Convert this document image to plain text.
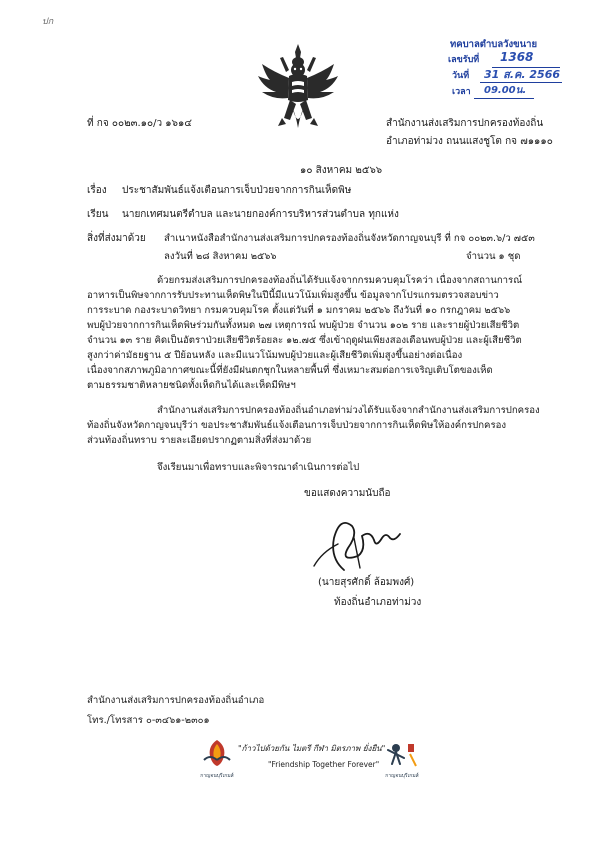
ปก
ทคบาลตำบลวังขนาย
เลขรับที่ 1368
วันที่ 31 ส.ค. 2566
เวลา 09.00น.
ที่ กจ ๐๐๒๓.๑๐/ว ๑๖๑๔	สำนักงานส่งเสริมการปกครองท้องถิ่น
อำเภอท่าม่วง ถนนแสงชูโต กจ ๗๑๑๑๐
๑๐ สิงหาคม ๒๕๖๖
เรื่อง ประชาสัมพันธ์แจ้งเตือนการเจ็บป่วยจากการกินเห็ดพิษ
เรียน นายกเทศมนตรีตำบล และนายกองค์การบริหารส่วนตำบล ทุกแห่ง
สิ่งที่ส่งมาด้วย สำเนาหนังสือสำนักงานส่งเสริมการปกครองท้องถิ่นจังหวัดกาญจนบุรี ที่ กจ ๐๐๒๓.๖/ว ๗๕๓
ลงวันที่ ๒๘ สิงหาคม ๒๕๖๖	จำนวน ๑ ชุด
ด้วยกรมส่งเสริมการปกครองท้องถิ่นได้รับแจ้งจากกรมควบคุมโรคว่า เนื่องจากสถานการณ์
อาหารเป็นพิษจากการรับประทานเห็ดพิษในปีนี้มีแนวโน้มเพิ่มสูงขึ้น ข้อมูลจากโปรแกรมตรวจสอบข่าว
การระบาด กองระบาดวิทยา กรมควบคุมโรค ตั้งแต่วันที่ ๑ มกราคม ๒๕๖๖ ถึงวันที่ ๑๐ กรกฎาคม ๒๕๖๖
พบผู้ป่วยจากการกินเห็ดพิษร่วมกันทั้งหมด ๒๗ เหตุการณ์ พบผู้ป่วย จำนวน ๑๐๒ ราย และรายผู้ป่วยเสียชีวิต
จำนวน ๑๓ ราย คิดเป็นอัตราป่วยเสียชีวิตร้อยละ ๑๒.๗๕ ซึ่งเข้าฤดูฝนเพียงสองเดือนพบผู้ป่วย และผู้เสียชีวิต
สูงกว่าค่ามัธยฐาน ๕ ปีย้อนหลัง และมีแนวโน้มพบผู้ป่วยและผู้เสียชีวิตเพิ่มสูงขึ้นอย่างต่อเนื่อง
เนื่องจากสภาพภูมิอากาศขณะนี้ที่ยังมีฝนตกชุกในหลายพื้นที่ ซึ่งเหมาะสมต่อการเจริญเติบโตของเห็ด
ตามธรรมชาติหลายชนิดทั้งเห็ดกินได้และเห็ดมีพิษฯ
สำนักงานส่งเสริมการปกครองท้องถิ่นอำเภอท่าม่วงได้รับแจ้งจากสำนักงานส่งเสริมการปกครอง
ท้องถิ่นจังหวัดกาญจนบุรีว่า ขอประชาสัมพันธ์แจ้งเตือนการเจ็บป่วยจากการกินเห็ดพิษให้องค์กรปกครอง
ส่วนท้องถิ่นทราบ รายละเอียดปรากฏตามสิ่งที่ส่งมาด้วย
จึงเรียนมาเพื่อทราบและพิจารณาดำเนินการต่อไป
ขอแสดงความนับถือ
(นายสุรศักดิ์ ล้อมพงศ์)
ท้องถิ่นอำเภอท่าม่วง
สำนักงานส่งเสริมการปกครองท้องถิ่นอำเภอ
โทร./โทรสาร ๐-๓๔๖๑-๒๓๐๑
กาญจนบุรีเกมส์
"ก้าวไปด้วยกัน ไมตรี กีฬา มิตรภาพ ยั่งยืน"
"Friendship Together Forever"
กาญจนบุรีเกมส์
